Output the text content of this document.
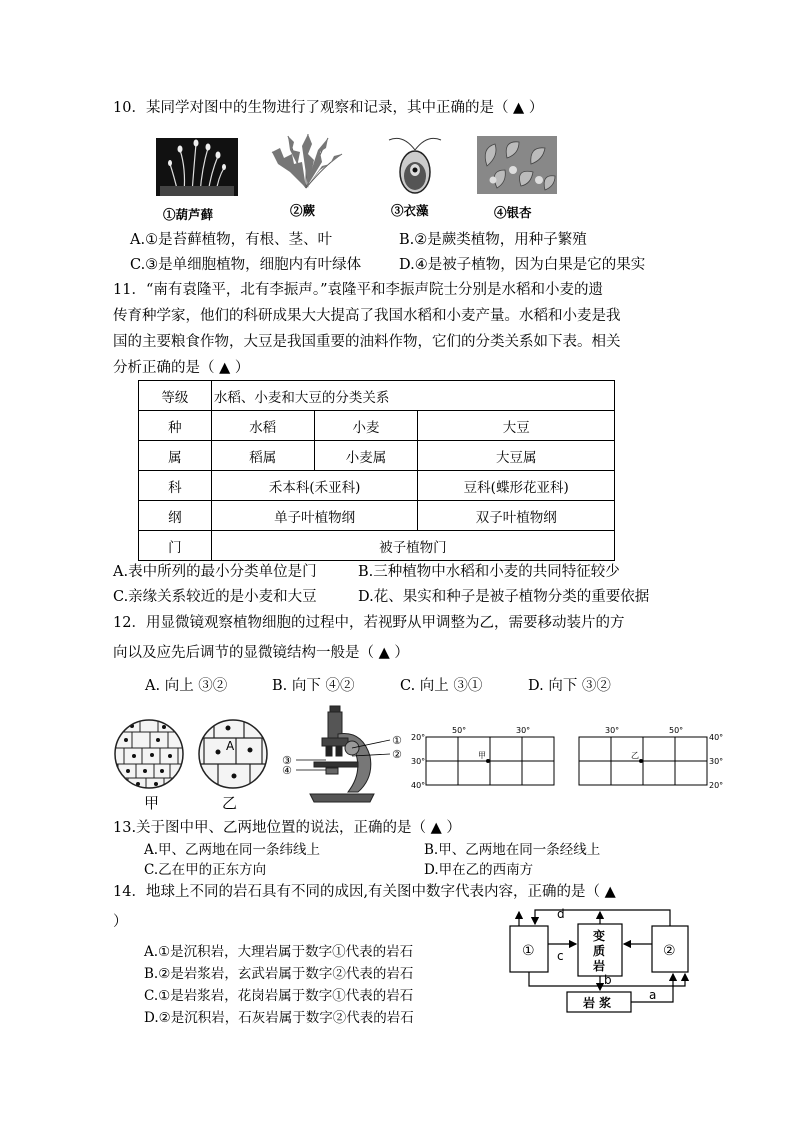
10．某同学对图中的生物进行了观察和记录，其中正确的是（ ▲ ）
①葫芦藓	②蕨	③衣藻	④银杏
A.①是苔藓植物，有根、茎、叶	B.②是蕨类植物，用种子繁殖
C.③是单细胞植物，细胞内有叶绿体	D.④是被子植物，因为白果是它的果实
11．“南有袁隆平，北有李振声。”袁隆平和李振声院士分别是水稻和小麦的遗
传育种学家，他们的科研成果大大提高了我国水稻和小麦产量。水稻和小麦是我
国的主要粮食作物，大豆是我国重要的油料作物，它们的分类关系如下表。相关
分析正确的是（ ▲ ）
等级	水稻、小麦和大豆的分类关系		
种	水稻	小麦	大豆
属	稻属	小麦属	大豆属
科	禾本科(禾亚科)		豆科(蝶形花亚科)
纲	单子叶植物纲		双子叶植物纲
门	被子植物门		
A.表中所列的最小分类单位是门	B.三种植物中水稻和小麦的共同特征较少
C.亲缘关系较近的是小麦和大豆	D.花、果实和种子是被子植物分类的重要依据
12．用显微镜观察植物细胞的过程中，若视野从甲调整为乙，需要移动装片的方
向以及应先后调节的显微镜结构一般是（ ▲ ）
A. 向上 ③②	B. 向下 ④②	C. 向上 ③①	D. 向下 ③②
甲
A
乙
①
②
③
④
50°	30°
20°
30°
40°
甲
30°	50°
40°
30°
20°
乙
13.关于图中甲、乙两地位置的说法，正确的是（ ▲ ）
A.甲、乙两地在同一条纬线上	B.甲、乙两地在同一条经线上
C.乙在甲的正东方向	D.甲在乙的西南方
14．地球上不同的岩石具有不同的成因,有关图中数字代表内容，正确的是（ ▲
）
A.①是沉积岩，大理岩属于数字①代表的岩石
B.②是岩浆岩，玄武岩属于数字②代表的岩石
C.①是岩浆岩，花岗岩属于数字①代表的岩石
D.②是沉积岩，石灰岩属于数字②代表的岩石
①	②
变
质
岩
岩 浆
a
b
c
d
